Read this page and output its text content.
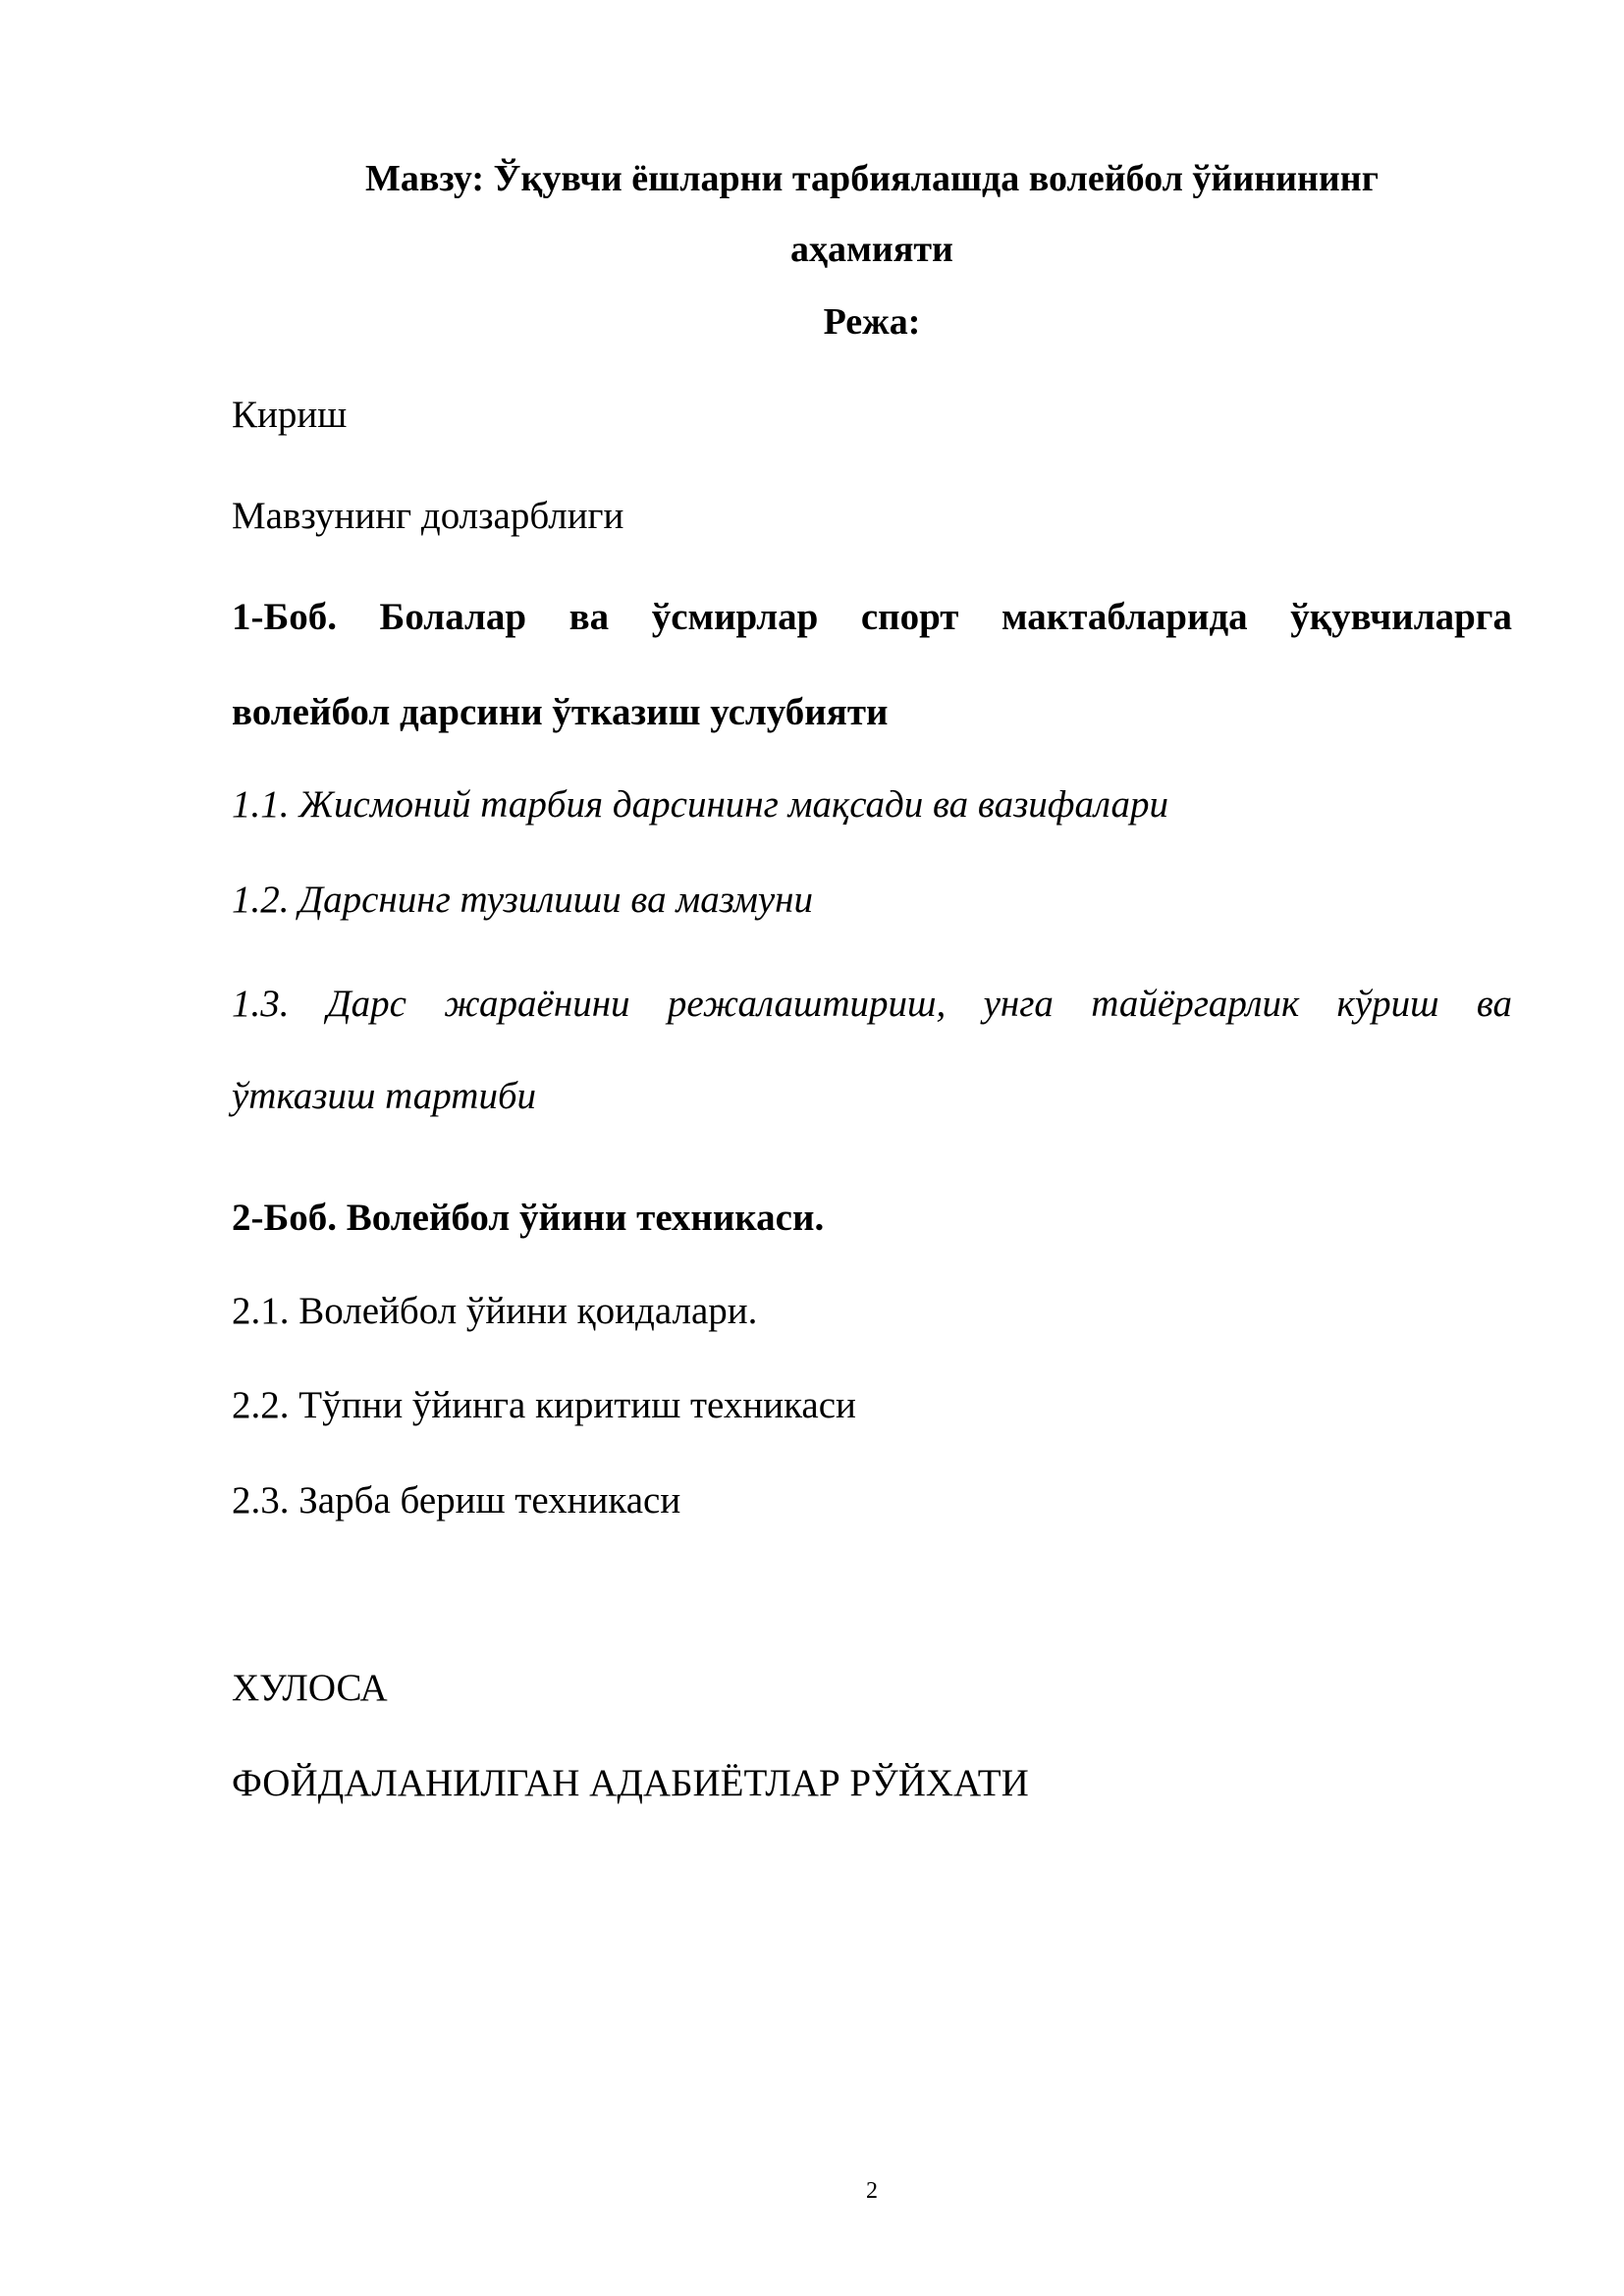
Мавзу: Ўқувчи ёшларни тарбиялашда волейбол ўйинининг
аҳамияти
Режа:
Кириш
Мавзунинг долзарблиги
1-Боб. Болалар ва ўсмирлар спорт мактабларида ўқувчиларга
волейбол дарсини ўтказиш услубияти
1.1. Жисмоний тарбия дарсининг мақсади ва вазифалари
1.2. Дарснинг тузилиши ва мазмуни
1.3. Дарс жараёнини режалаштириш, унга тайёргарлик кўриш ва
ўтказиш тартиби
2-Боб. Волейбол ўйини техникаси.
2.1. Волейбол ўйини қоидалари.
2.2. Тўпни ўйинга киритиш техникаси
2.3. Зарба бериш техникаси
ХУЛОСА
ФОЙДАЛАНИЛГАН АДАБИЁТЛАР РЎЙХАТИ
2
